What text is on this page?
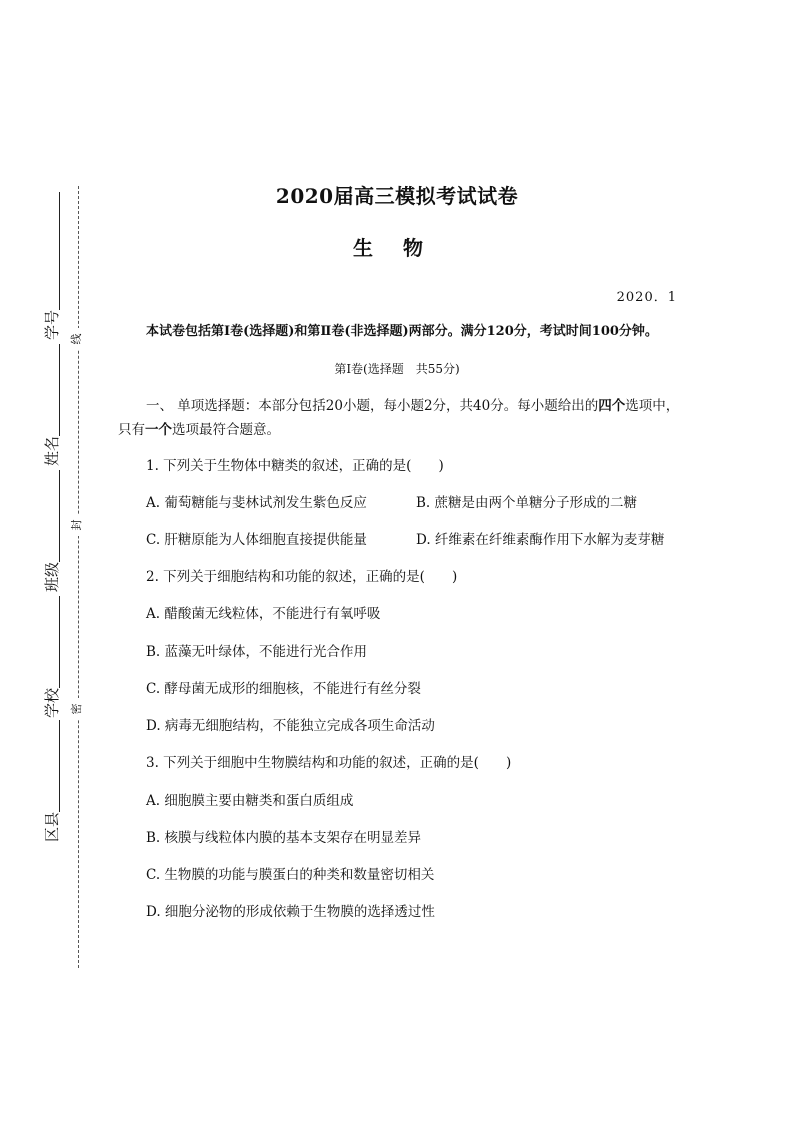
线
封
密
学号
姓名
班级
学校
区县
2020届高三模拟考试试卷
生物
2020．1
本试卷包括第Ⅰ卷(选择题)和第Ⅱ卷(非选择题)两部分。满分120分，考试时间100分钟。
第Ⅰ卷(选择题　共55分)
一、 单项选择题：本部分包括20小题，每小题2分，共40分。每小题给出的四个选项中，只有一个选项最符合题意。
1. 下列关于生物体中糖类的叙述，正确的是(　　)
A. 葡萄糖能与斐林试剂发生紫色反应	B. 蔗糖是由两个单糖分子形成的二糖
C. 肝糖原能为人体细胞直接提供能量	D. 纤维素在纤维素酶作用下水解为麦芽糖
2. 下列关于细胞结构和功能的叙述，正确的是(　　)
A. 醋酸菌无线粒体，不能进行有氧呼吸
B. 蓝藻无叶绿体，不能进行光合作用
C. 酵母菌无成形的细胞核，不能进行有丝分裂
D. 病毒无细胞结构，不能独立完成各项生命活动
3. 下列关于细胞中生物膜结构和功能的叙述，正确的是(　　)
A. 细胞膜主要由糖类和蛋白质组成
B. 核膜与线粒体内膜的基本支架存在明显差异
C. 生物膜的功能与膜蛋白的种类和数量密切相关
D. 细胞分泌物的形成依赖于生物膜的选择透过性
